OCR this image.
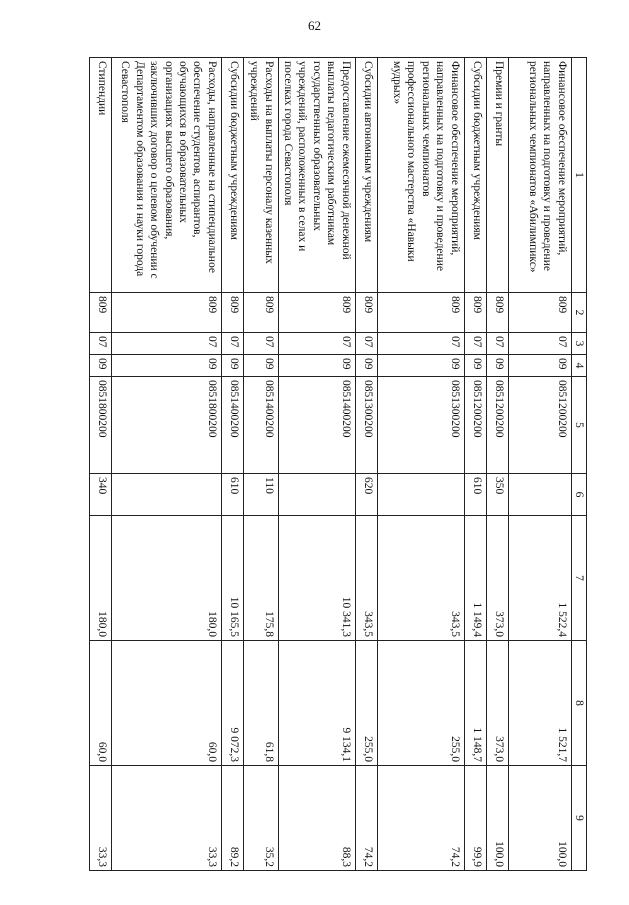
62
1	2	3	4	5	6	7	8	9
Финансовое обеспечение мероприятий, направленных на подготовку и проведение региональных чемпионатов «Абилимпикс»	809	07	09	0851200200		1 522,4	1 521,7	100,0
Премии и гранты	809	07	09	0851200200	350	373,0	373,0	100,0
Субсидии бюджетным учреждениям	809	07	09	0851200200	610	1 149,4	1 148,7	99,9
Финансовое обеспечение мероприятий, направленных на подготовку и проведение региональных чемпионатов профессионального мастерства «Навыки мудрых»	809	07	09	0851300200		343,5	255,0	74,2
Субсидии автономным учреждениям	809	07	09	0851300200	620	343,5	255,0	74,2
Предоставление ежемесячной денежной выплаты педагогическим работникам государственных образовательных учреждений, расположенных в селах и поселках города Севастополя	809	07	09	0851400200		10 341,3	9 134,1	88,3
Расходы на выплаты персоналу казенных учреждений	809	07	09	0851400200	110	175,8	61,8	35,2
Субсидии бюджетным учреждениям	809	07	09	0851400200	610	10 165,5	9 072,3	89,2
Расходы, направленные на стипендиальное обеспечение студентов, аспирантов, обучающихся в образовательных организациях высшего образования, заключивших договор о целевом обучении с Департаментом образования и науки города Севастополя	809	07	09	0851800200		180,0	60,0	33,3
Стипендии	809	07	09	0851800200	340	180,0	60,0	33,3
